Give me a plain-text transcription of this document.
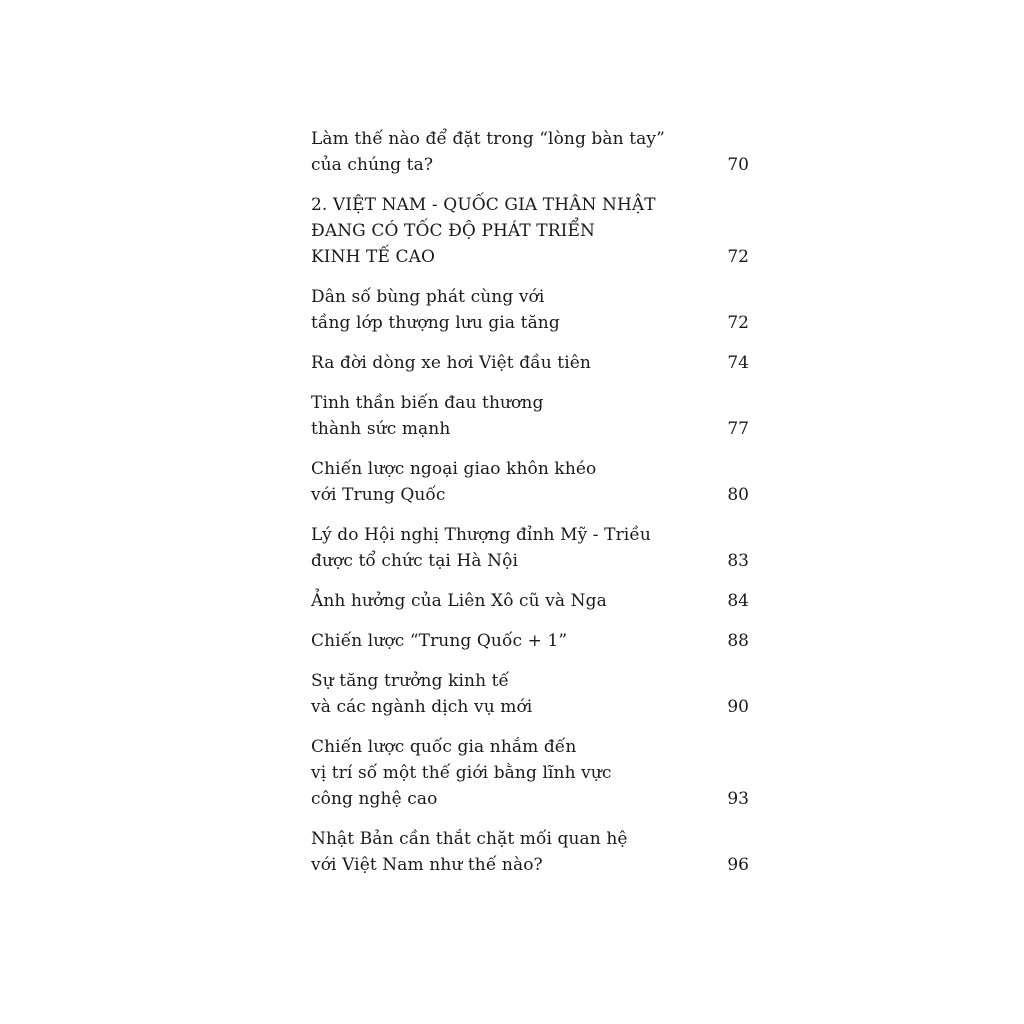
Làm thế nào để đặt trong “lòng bàn tay”
của chúng ta?	70
2. VIỆT NAM - QUỐC GIA THÂN NHẬT
ĐANG CÓ TỐC ĐỘ PHÁT TRIỂN
KINH TẾ CAO	72
Dân số bùng phát cùng với
tầng lớp thượng lưu gia tăng	72
Ra đời dòng xe hơi Việt đầu tiên	74
Tinh thần biến đau thương
thành sức mạnh	77
Chiến lược ngoại giao khôn khéo
với Trung Quốc	80
Lý do Hội nghị Thượng đỉnh Mỹ - Triều
được tổ chức tại Hà Nội	83
Ảnh hưởng của Liên Xô cũ và Nga	84
Chiến lược “Trung Quốc + 1”	88
Sự tăng trưởng kinh tế
và các ngành dịch vụ mới	90
Chiến lược quốc gia nhắm đến
vị trí số một thế giới bằng lĩnh vực
công nghệ cao	93
Nhật Bản cần thắt chặt mối quan hệ
với Việt Nam như thế nào?	96
